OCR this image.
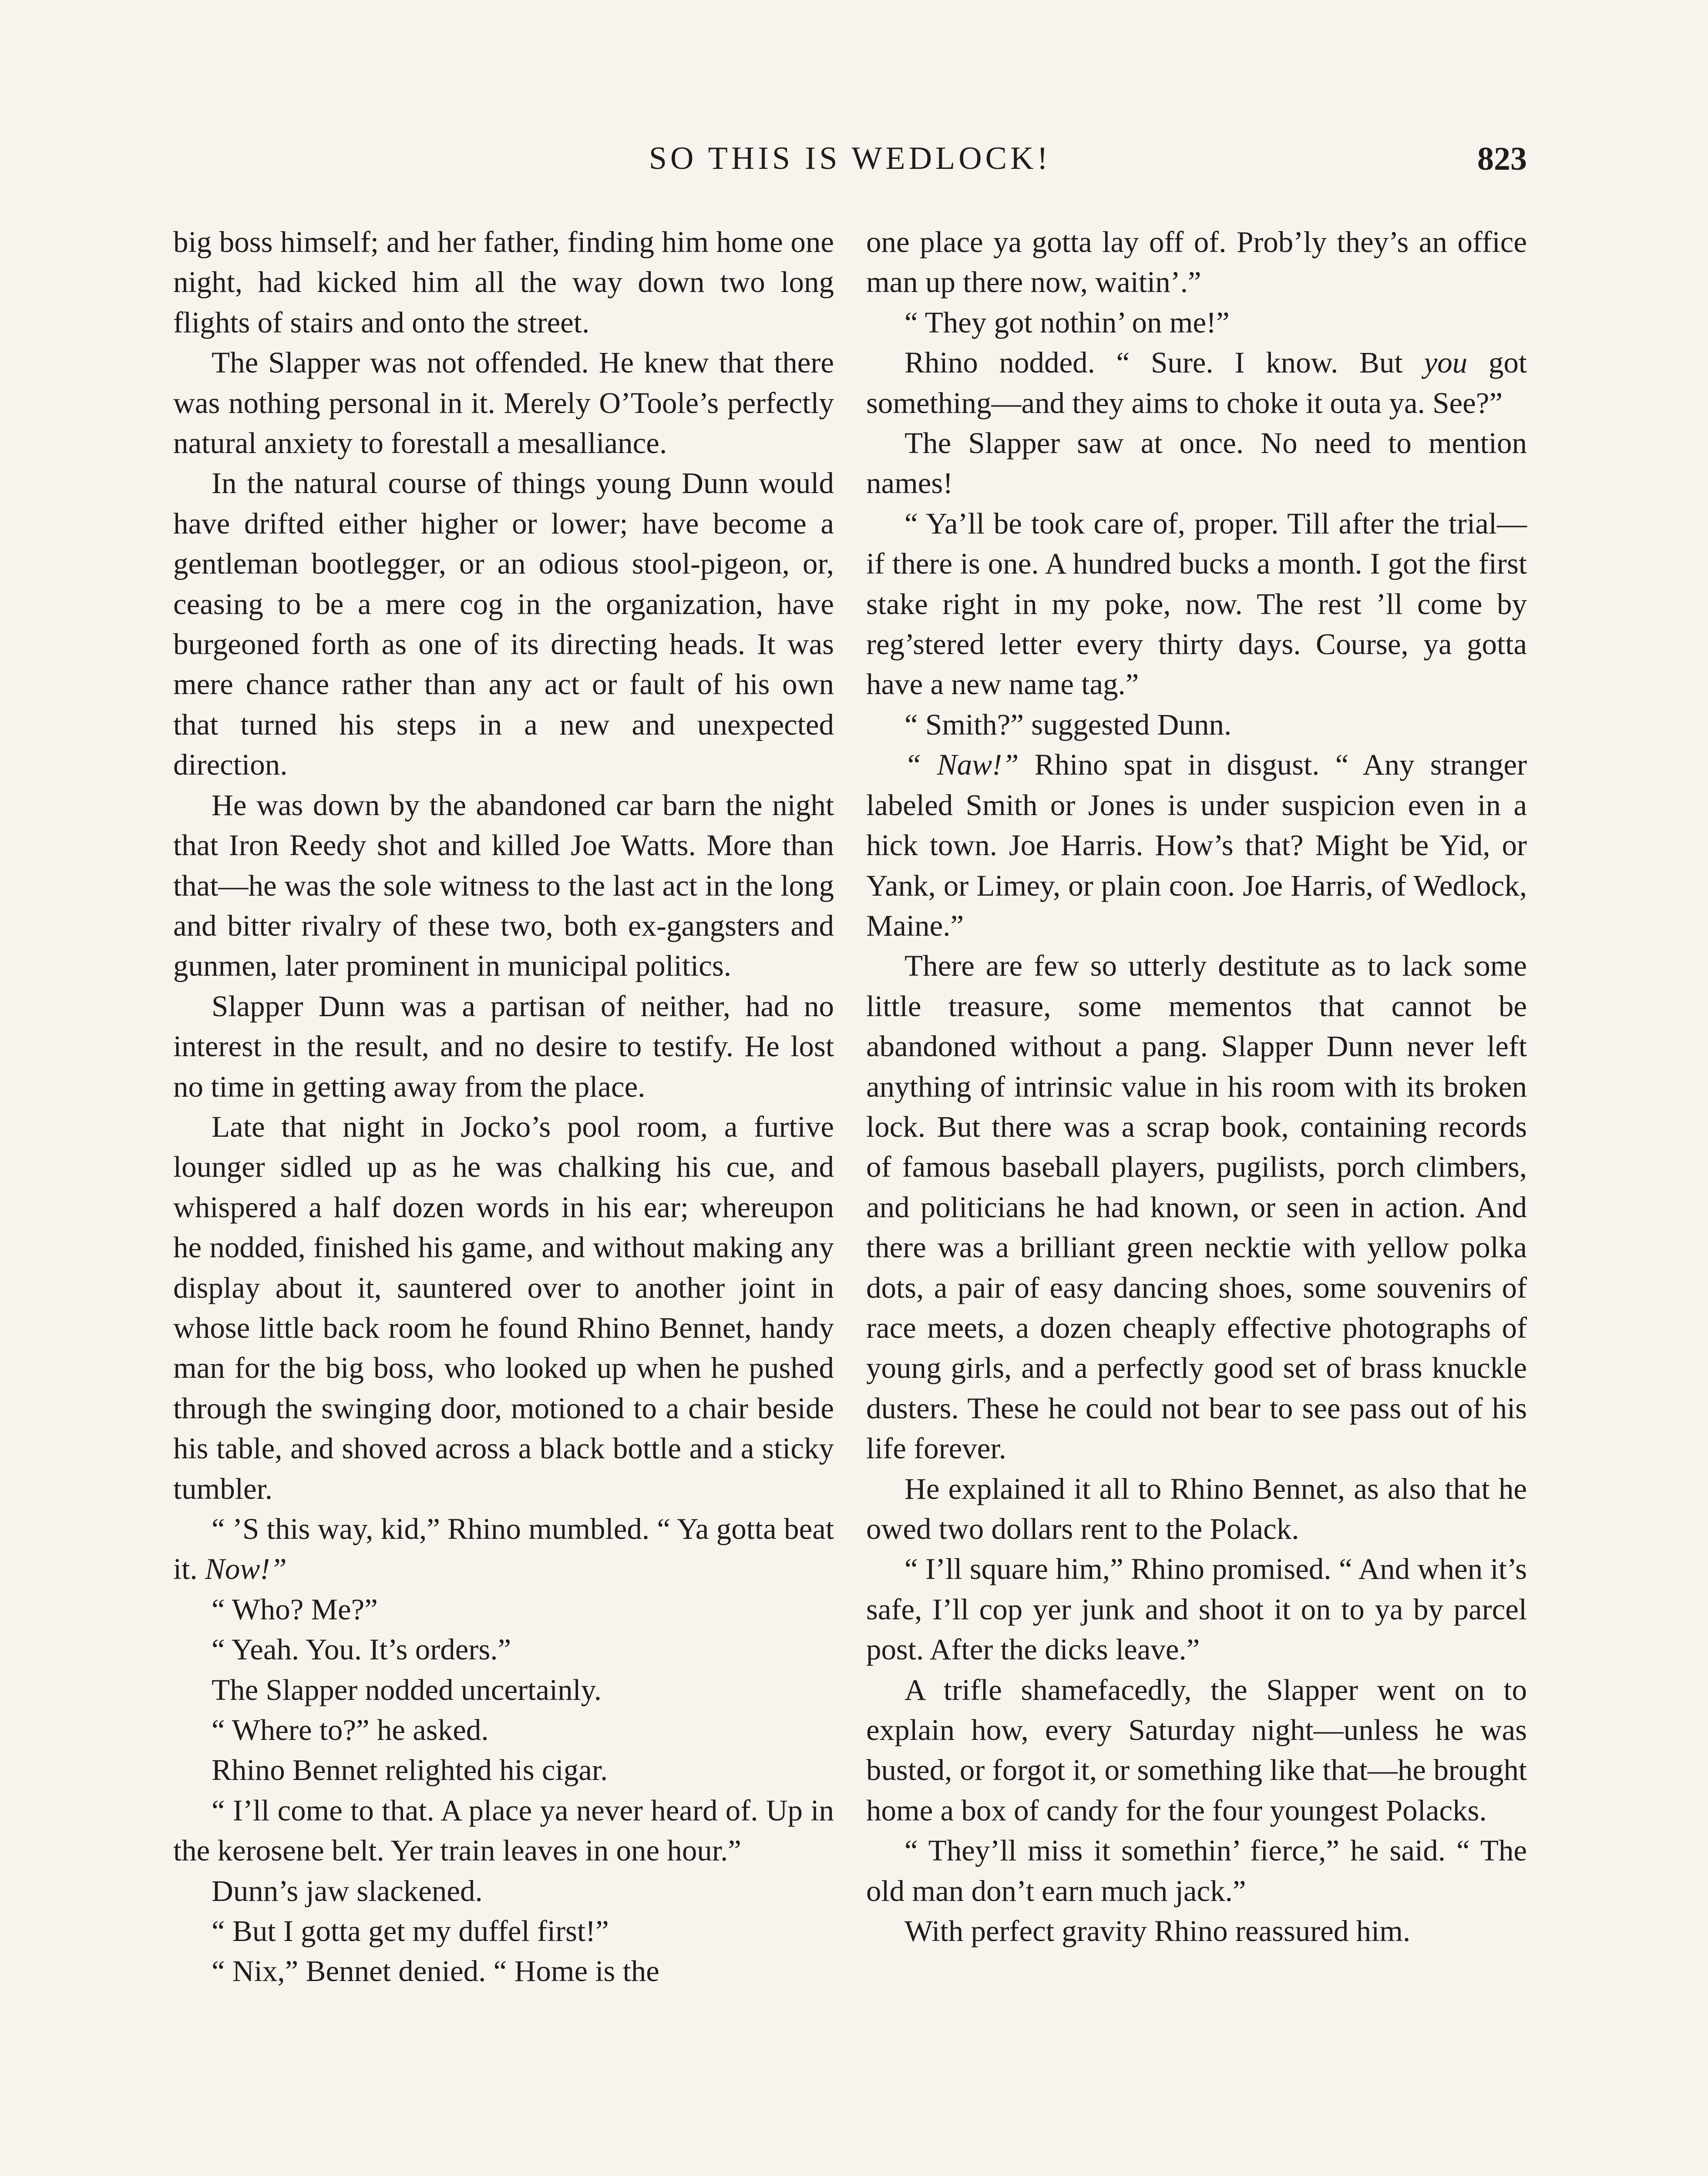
SO THIS IS WEDLOCK!	823

big boss himself; and her father, finding him home one night, had kicked him all the way down two long flights of stairs and onto the street.

The Slapper was not offended. He knew that there was nothing personal in it. Merely O’Toole’s perfectly natural anxiety to forestall a mesalliance.

In the natural course of things young Dunn would have drifted either higher or lower; have become a gentleman bootlegger, or an odious stool-pigeon, or, ceasing to be a mere cog in the organization, have burgeoned forth as one of its directing heads. It was mere chance rather than any act or fault of his own that turned his steps in a new and unexpected direction.

He was down by the abandoned car barn the night that Iron Reedy shot and killed Joe Watts. More than that—he was the sole witness to the last act in the long and bitter rivalry of these two, both ex-gangsters and gunmen, later prominent in municipal politics.

Slapper Dunn was a partisan of neither, had no interest in the result, and no desire to testify. He lost no time in getting away from the place.

Late that night in Jocko’s pool room, a furtive lounger sidled up as he was chalking his cue, and whispered a half dozen words in his ear; whereupon he nodded, finished his game, and without making any display about it, sauntered over to another joint in whose little back room he found Rhino Bennet, handy man for the big boss, who looked up when he pushed through the swinging door, motioned to a chair beside his table, and shoved across a black bottle and a sticky tumbler.

“ ’S this way, kid,” Rhino mumbled. “ Ya gotta beat it. Now!”

“ Who? Me?”

“ Yeah. You. It’s orders.”

The Slapper nodded uncertainly.

“ Where to?” he asked.

Rhino Bennet relighted his cigar.

“ I’ll come to that. A place ya never heard of. Up in the kerosene belt. Yer train leaves in one hour.”

Dunn’s jaw slackened.

“ But I gotta get my duffel first!”

“ Nix,” Bennet denied. “ Home is the

one place ya gotta lay off of. Prob’ly they’s an office man up there now, waitin’.”

“ They got nothin’ on me!”

Rhino nodded. “ Sure. I know. But you got something—and they aims to choke it outa ya. See?”

The Slapper saw at once. No need to mention names!

“ Ya’ll be took care of, proper. Till after the trial—if there is one. A hundred bucks a month. I got the first stake right in my poke, now. The rest ’ll come by reg’stered letter every thirty days. Course, ya gotta have a new name tag.”

“ Smith?” suggested Dunn.

“ Naw!” Rhino spat in disgust. “ Any stranger labeled Smith or Jones is under suspicion even in a hick town. Joe Harris. How’s that? Might be Yid, or Yank, or Limey, or plain coon. Joe Harris, of Wedlock, Maine.”

There are few so utterly destitute as to lack some little treasure, some mementos that cannot be abandoned without a pang. Slapper Dunn never left anything of intrinsic value in his room with its broken lock. But there was a scrap book, containing records of famous baseball players, pugilists, porch climbers, and politicians he had known, or seen in action. And there was a brilliant green necktie with yellow polka dots, a pair of easy dancing shoes, some souvenirs of race meets, a dozen cheaply effective photographs of young girls, and a perfectly good set of brass knuckle dusters. These he could not bear to see pass out of his life forever.

He explained it all to Rhino Bennet, as also that he owed two dollars rent to the Polack.

“ I’ll square him,” Rhino promised. “ And when it’s safe, I’ll cop yer junk and shoot it on to ya by parcel post. After the dicks leave.”

A trifle shamefacedly, the Slapper went on to explain how, every Saturday night—unless he was busted, or forgot it, or something like that—he brought home a box of candy for the four youngest Polacks.

“ They’ll miss it somethin’ fierce,” he said. “ The old man don’t earn much jack.”

With perfect gravity Rhino reassured him.
